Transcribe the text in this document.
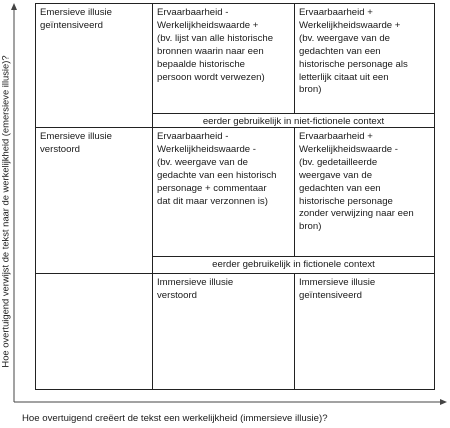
Emersieve illusie
geïntensiveerd
Ervaarbaarheid -
Werkelijkheidswaarde +
(bv. lijst van alle historische
bronnen waarin naar een
bepaalde historische
persoon wordt verwezen)
Ervaarbaarheid +
Werkelijkheidswaarde +
(bv. weergave van de
gedachten van een
historische personage als
letterlijk citaat uit een
bron)
eerder gebruikelijk in niet-fictionele context
Emersieve illusie
verstoord
Ervaarbaarheid -
Werkelijkheidswaarde -
(bv. weergave van de
gedachte van een historisch
personage + commentaar
dat dit maar verzonnen is)
Ervaarbaarheid +
Werkelijkheidswaarde -
(bv. gedetailleerde
weergave van de
gedachten van een
historische personage
zonder verwijzing naar een
bron)
eerder gebruikelijk in fictionele context
Immersieve illusie
verstoord
Immersieve illusie
geïntensiveerd
Hoe overtuigend verwijst de tekst naar de werkelijkheid (emersieve illusie)?
Hoe overtuigend creëert de tekst een werkelijkheid (immersieve illusie)?
